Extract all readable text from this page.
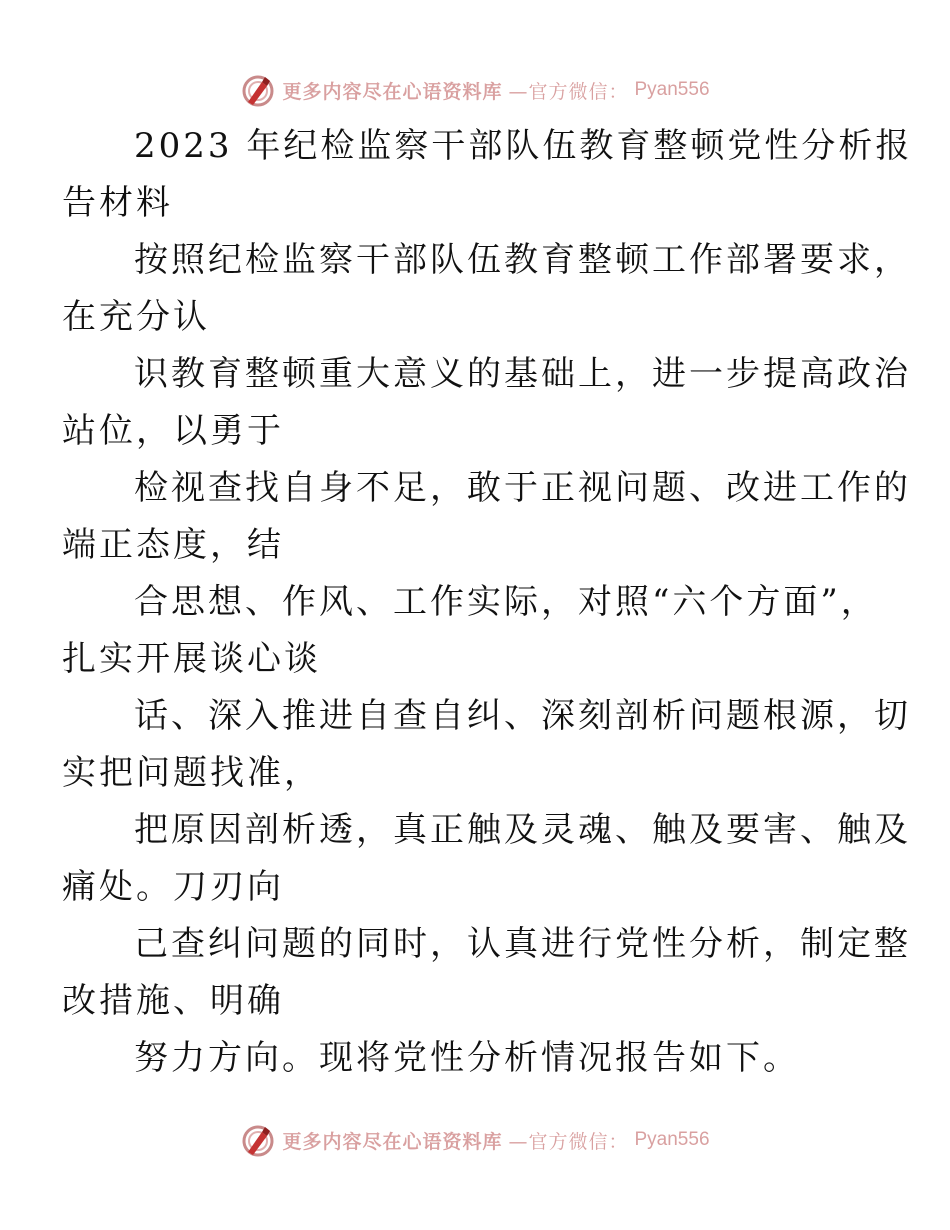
更多内容尽在心语资料库 —官方微信： Pyan556

2023 年纪检监察干部队伍教育整顿党性分析报
告材料

按照纪检监察干部队伍教育整顿工作部署要求，
在充分认

识教育整顿重大意义的基础上，进一步提高政治
站位，以勇于

检视查找自身不足，敢于正视问题、改进工作的
端正态度，结

合思想、作风、工作实际，对照“六个方面”，
扎实开展谈心谈

话、深入推进自查自纠、深刻剖析问题根源，切
实把问题找准，

把原因剖析透，真正触及灵魂、触及要害、触及
痛处。刀刃向

己查纠问题的同时，认真进行党性分析，制定整
改措施、明确

努力方向。现将党性分析情况报告如下。

更多内容尽在心语资料库 —官方微信： Pyan556
